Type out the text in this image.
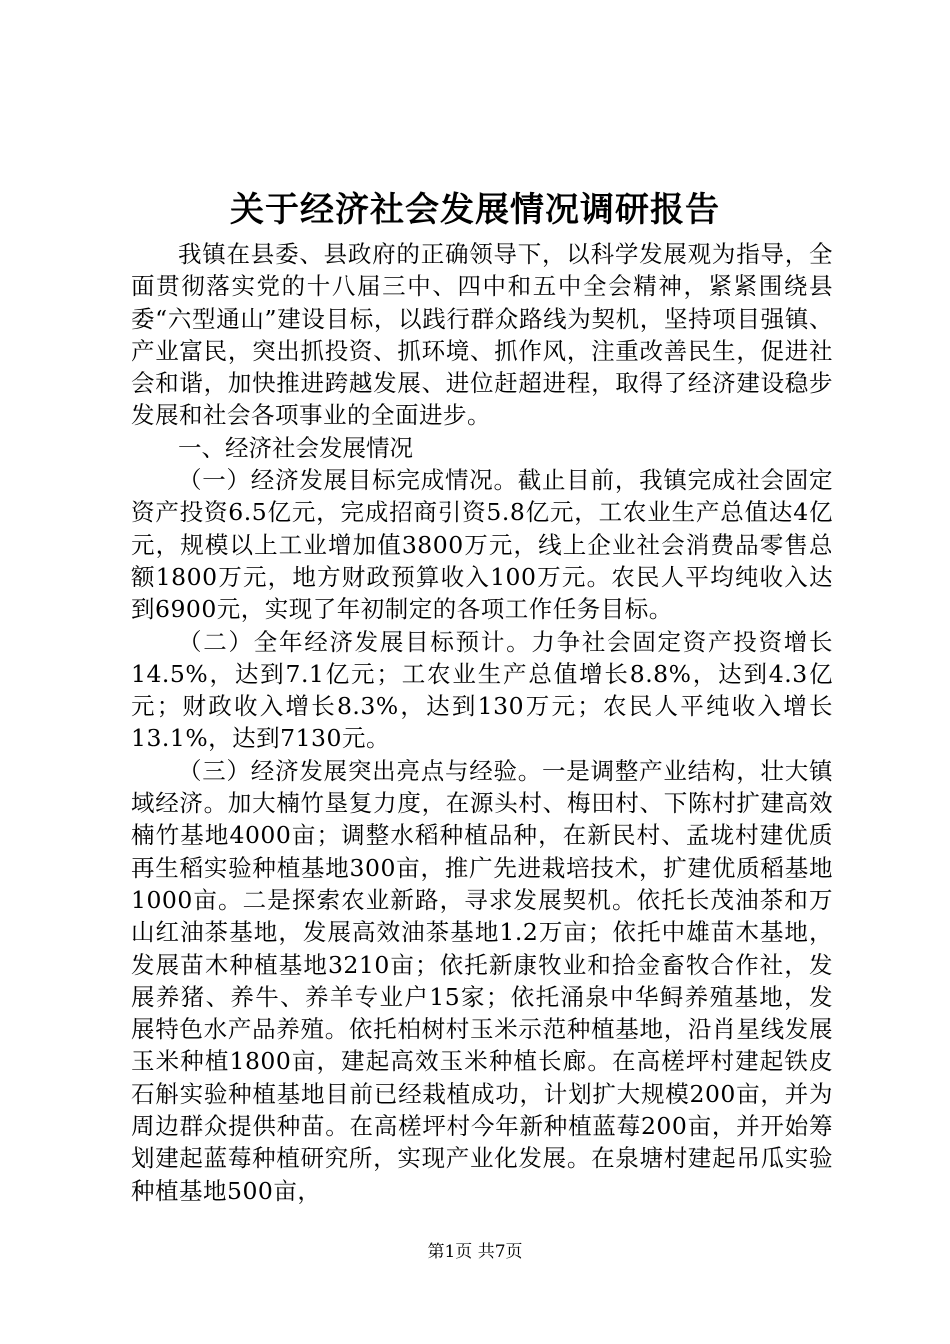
关于经济社会发展情况调研报告

我镇在县委、县政府的正确领导下，以科学发展观为指导，全面贯彻落实党的十八届三中、四中和五中全会精神，紧紧围绕县委“六型通山”建设目标，以践行群众路线为契机，坚持项目强镇、产业富民，突出抓投资、抓环境、抓作风，注重改善民生，促进社会和谐，加快推进跨越发展、进位赶超进程，取得了经济建设稳步发展和社会各项事业的全面进步。

一、经济社会发展情况

（一）经济发展目标完成情况。截止目前，我镇完成社会固定资产投资6.5亿元，完成招商引资5.8亿元，工农业生产总值达4亿元，规模以上工业增加值3800万元，线上企业社会消费品零售总额1800万元，地方财政预算收入100万元。农民人平均纯收入达到6900元，实现了年初制定的各项工作任务目标。

（二）全年经济发展目标预计。力争社会固定资产投资增长14.5%，达到7.1亿元；工农业生产总值增长8.8%，达到4.3亿元；财政收入增长8.3%，达到130万元；农民人平纯收入增长13.1%，达到7130元。

（三）经济发展突出亮点与经验。一是调整产业结构，壮大镇域经济。加大楠竹垦复力度，在源头村、梅田村、下陈村扩建高效楠竹基地4000亩；调整水稻种植品种，在新民村、孟垅村建优质再生稻实验种植基地300亩，推广先进栽培技术，扩建优质稻基地1000亩。二是探索农业新路，寻求发展契机。依托长茂油茶和万山红油茶基地，发展高效油茶基地1.2万亩；依托中雄苗木基地，发展苗木种植基地3210亩；依托新康牧业和拾金畜牧合作社，发展养猪、养牛、养羊专业户15家；依托涌泉中华鲟养殖基地，发展特色水产品养殖。依托柏树村玉米示范种植基地，沿肖星线发展玉米种植1800亩，建起高效玉米种植长廊。在高槎坪村建起铁皮石斛实验种植基地目前已经栽植成功，计划扩大规模200亩，并为周边群众提供种苗。在高槎坪村今年新种植蓝莓200亩，并开始筹划建起蓝莓种植研究所，实现产业化发展。在泉塘村建起吊瓜实验种植基地500亩，

第1页 共7页
